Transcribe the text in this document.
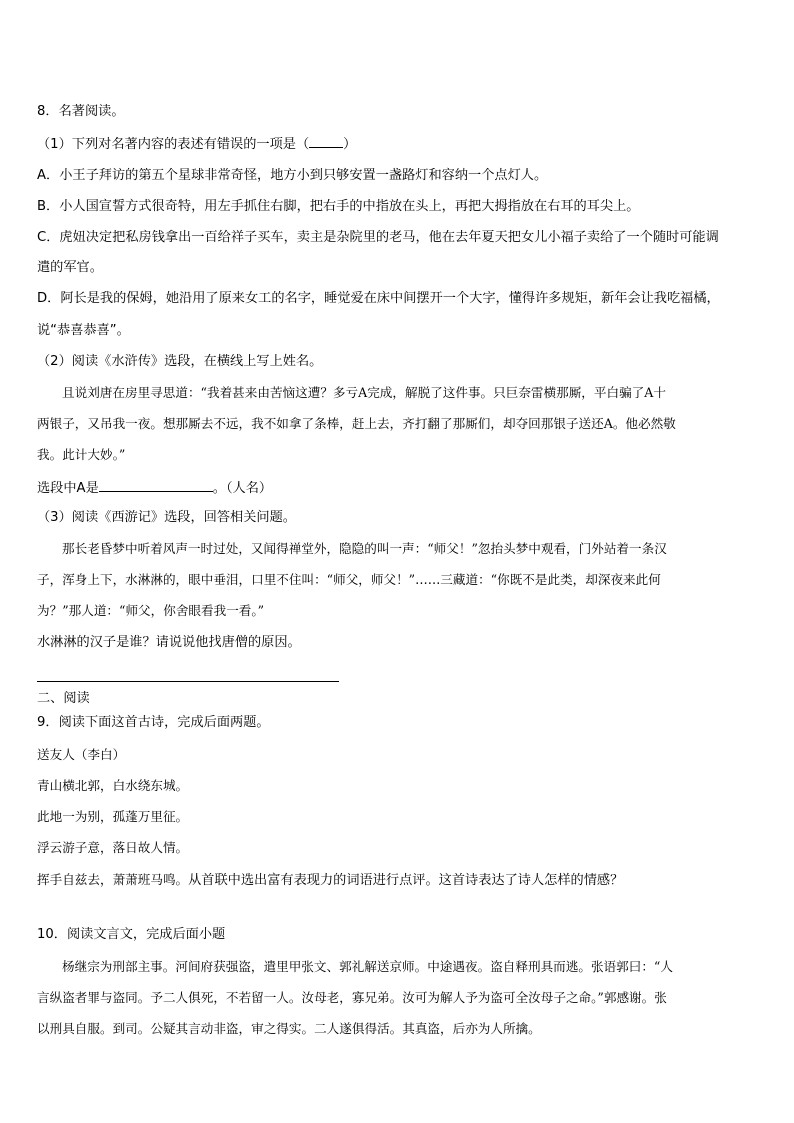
8．名著阅读。
（1）下列对名著内容的表述有错误的一项是（	）
A．小王子拜访的第五个星球非常奇怪，地方小到只够安置一盏路灯和容纳一个点灯人。
B．小人国宣誓方式很奇特，用左手抓住右脚，把右手的中指放在头上，再把大拇指放在右耳的耳尖上。
C．虎妞决定把私房钱拿出一百给祥子买车，卖主是杂院里的老马，他在去年夏天把女儿小福子卖给了一个随时可能调
遣的军官。
D．阿长是我的保姆，她沿用了原来女工的名字，睡觉爱在床中间摆开一个大字，懂得许多规矩，新年会让我吃福橘，
说“恭喜恭喜”。
（2）阅读《水浒传》选段，在横线上写上姓名。
且说刘唐在房里寻思道：“我着甚来由苦恼这遭？多亏A完成，解脱了这件事。只巨奈雷横那厮，平白骗了A十
两银子，又吊我一夜。想那厮去不远，我不如拿了条棒，赶上去，齐打翻了那厮们，却夺回那银子送还A。他必然敬
我。此计大妙。”
选段中A是	。（人名）
（3）阅读《西游记》选段，回答相关问题。
那长老昏梦中听着风声一时过处，又闻得禅堂外，隐隐的叫一声：“师父！”忽抬头梦中观看，门外站着一条汉
子，浑身上下，水淋淋的，眼中垂泪，口里不住叫：“师父，师父！”……三藏道：“你既不是此类，却深夜来此何
为？”那人道：“师父，你舍眼看我一看。”
水淋淋的汉子是谁？请说说他找唐僧的原因。
二、阅读
9．阅读下面这首古诗，完成后面两题。
送友人（李白）
青山横北郭，白水绕东城。
此地一为别，孤蓬万里征。
浮云游子意，落日故人情。
挥手自兹去，萧萧班马鸣。从首联中选出富有表现力的词语进行点评。这首诗表达了诗人怎样的情感？
10．阅读文言文，完成后面小题
杨继宗为刑部主事。河间府获强盗，遣里甲张文、郭礼解送京师。中途遇夜。盗自释刑具而逃。张语郭曰：“人
言纵盗者罪与盗同。予二人俱死，不若留一人。汝母老，寡兄弟。汝可为解人予为盗可全汝母子之命。”郭感谢。张
以刑具自服。到司。公疑其言动非盗，审之得实。二人遂俱得活。其真盗，后亦为人所擒。
